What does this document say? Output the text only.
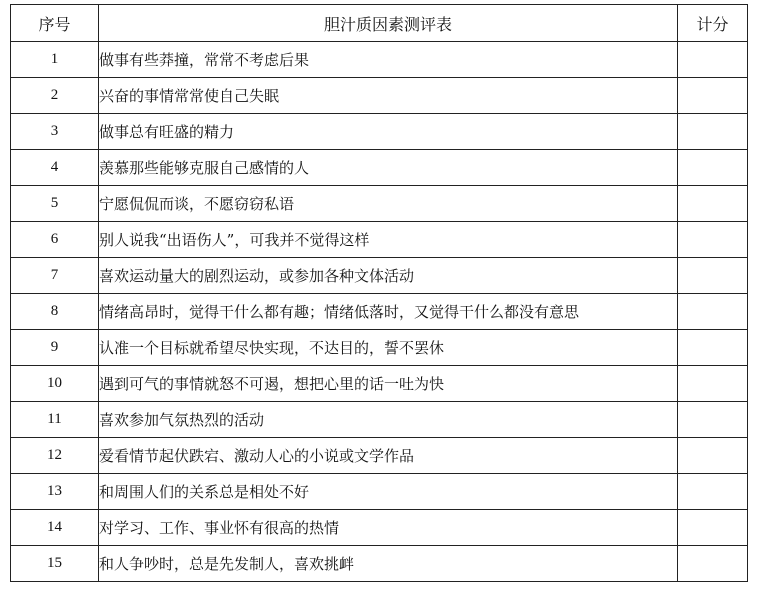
序号	胆汁质因素测评表	计分
1	做事有些莽撞，常常不考虑后果	
2	兴奋的事情常常使自己失眠	
3	做事总有旺盛的精力	
4	羡慕那些能够克服自己感情的人	
5	宁愿侃侃而谈，不愿窃窃私语	
6	别人说我“出语伤人”，可我并不觉得这样	
7	喜欢运动量大的剧烈运动，或参加各种文体活动	
8	情绪高昂时，觉得干什么都有趣；情绪低落时，又觉得干什么都没有意思	
9	认准一个目标就希望尽快实现，不达目的，誓不罢休	
10	遇到可气的事情就怒不可遏，想把心里的话一吐为快	
11	喜欢参加气氛热烈的活动	
12	爱看情节起伏跌宕、激动人心的小说或文学作品	
13	和周围人们的关系总是相处不好	
14	对学习、工作、事业怀有很高的热情	
15	和人争吵时，总是先发制人，喜欢挑衅	
